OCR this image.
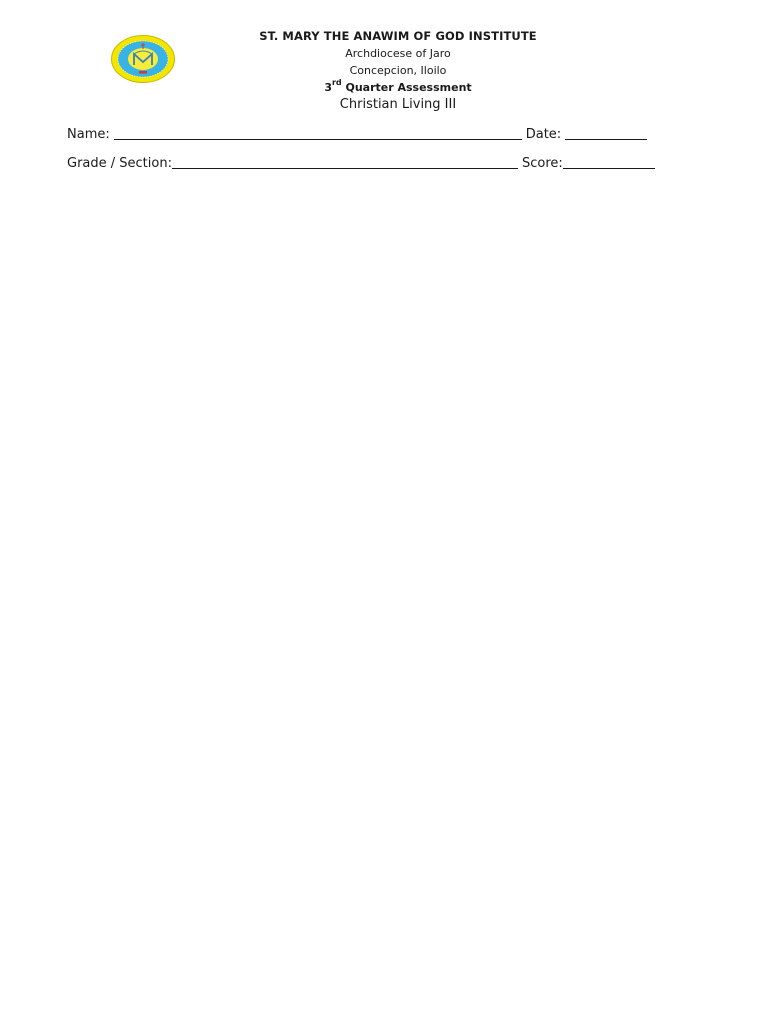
ST. MARY THE ANAWIM OF GOD INSTITUTE
Archdiocese of Jaro
Concepcion, Iloilo
3rd Quarter Assessment
Christian Living III
Name:	Date:
Grade / Section:	Score:
